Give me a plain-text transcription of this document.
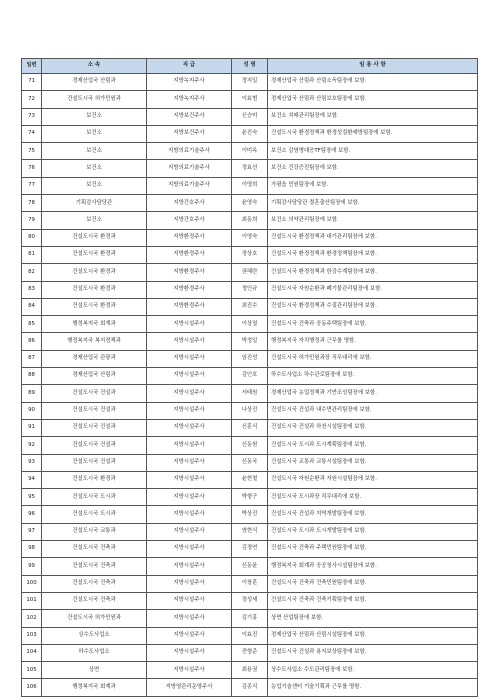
일련	소 속	직 급	성 명	임 용 사 항
71	경제산업국 산림과	지방녹지주사	정지일	경제산업국 산림과 산림소득팀장에 보함.
72	건설도시국 허가민원과	지방녹지주사	이효범	경제산업국 산림과 산림보호팀장에 보함.
73	보건소	지방보건주사	신승미	보건소 치매관리팀장에 보함.
74	보건소	지방보건주사	윤진숙	건설도시국 환경정책과 환경성질환예방팀장에 보함.
75	보건소	지방의료기술주사	이미옥	보건소 감염병대응TF팀장에 보함.
76	보건소	지방의료기술주사	정효선	보건소 건강증진팀장에 보함.
77	보건소	지방의료기술주사	이영희	가평읍 민원팀장에 보함.
78	기획감사담당관	지방간호주사	윤영숙	기획감사담당관 결혼출산팀장에 보함.
79	보건소	지방간호주사	최동희	보건소 의약관리팀장에 보함.
80	건설도시국 환경과	지방환경주사	이영숙	건설도시국 환경정책과 대기관리팀장에 보함.
81	건설도시국 환경과	지방환경주사	정상호	건설도시국 환경정책과 환경정책팀장에 보함.
82	건설도시국 환경과	지방환경주사	권혜란	건설도시국 환경정책과 한강수계팀장에 보함.
83	건설도시국 환경과	지방환경주사	정인규	건설도시국 자원순환과 폐기물관리팀장에 보함.
84	건설도시국 환경과	지방환경주사	최진수	건설도시국 환경정책과 수질관리팀장에 보함.
85	행정복지국 회계과	지방시설주사	이상열	건설도시국 건축과 공동주택팀장에 보함.
86	행정복지국 복지정책과	지방시설주사	박정일	행정복지국 자치행정과 근무를 명함.
87	경제산업국 관광과	지방시설주사	임진성	건설도시국 허가민원과장 직무대리에 보함.
88	경제산업국 산림과	지방시설주사	김인호	하수도사업소 하수관로팀장에 보함.
89	건설도시국 건설과	지방시설주사	서태원	경제산업국 농업정책과 기반조성팀장에 보함.
90	건설도시국 건설과	지방시설주사	나상진	건설도시국 건설과 내수면관리팀장에 보함.
91	건설도시국 건설과	지방시설주사	신훈식	건설도시국 건설과 하천시설팀장에 보함.
92	건설도시국 건설과	지방시설주사	신동원	건설도시국 도시과 도시계획팀장에 보함.
93	건설도시국 건설과	지방시설주사	신동국	건설도시국 교통과 교통시설팀장에 보함.
94	건설도시국 환경과	지방시설주사	윤현철	건설도시국 자원순환과 자원시설팀장에 보함.
95	건설도시국 도시과	지방시설주사	박형구	건설도시국 도시과장 직무대리에 보함.
96	건설도시국 도시과	지방시설주사	박상진	건설도시국 건설과 지역개발팀장에 보함.
97	건설도시국 교통과	지방시설주사	염현식	건설도시국 도시과 도시개발팀장에 보함.
98	건설도시국 건축과	지방시설주사	김경연	건설도시국 건축과 주택민원팀장에 보함.
99	건설도시국 건축과	지방시설주사	신동윤	행정복지국 회계과 공공청사시설팀장에 보함.
100	건설도시국 건축과	지방시설주사	이창훈	건설도시국 건축과 건축민원팀장에 보함.
101	건설도시국 건축과	지방시설주사	정성세	건설도시국 건축과 건축기획팀장에 보함.
102	건설도시국 허가민원과	지방시설주사	김기홍	상면 산업팀장에 보함.
103	상수도사업소	지방시설주사	이효진	경제산업국 산림과 산림시설팀장에 보함.
104	하수도사업소	지방시설주사	전형준	건설도시국 건설과 용지보상팀장에 보함.
105	상면	지방시설주사	최용권	상수도사업소 수도관리팀장에 보함.
106	행정복지국 회계과	지방영관리운영주사	김종식	농업기술센터 기술기획과 근무를 명함.
